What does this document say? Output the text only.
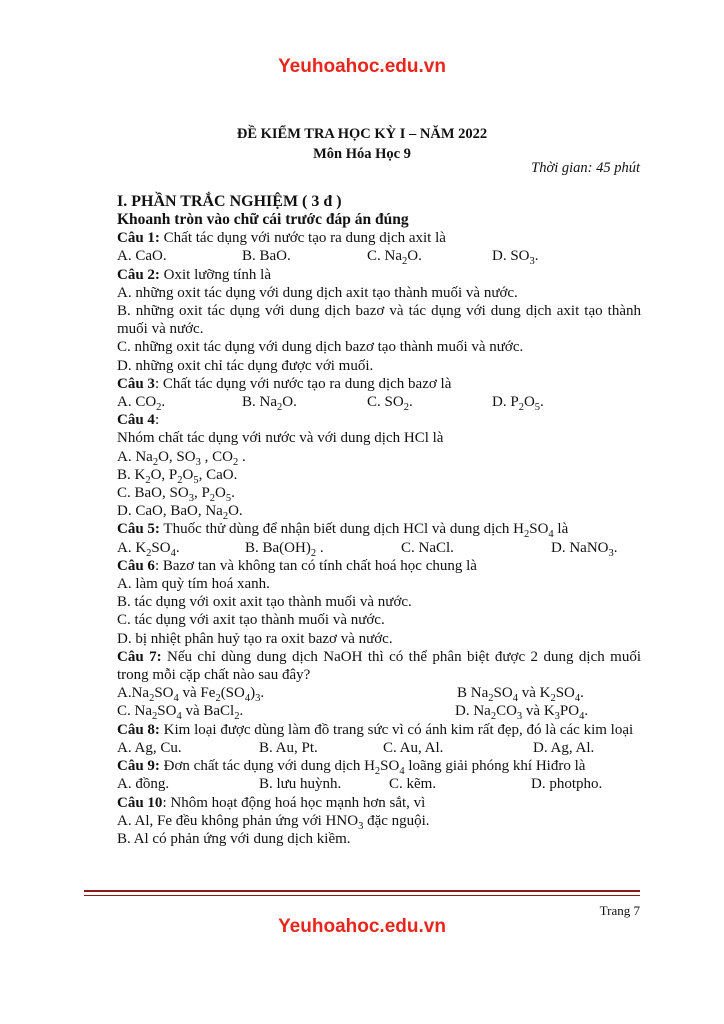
Yeuhoahoc.edu.vn
ĐỀ KIỂM TRA HỌC KỲ I – NĂM 2022
Môn Hóa Học 9
Thời gian: 45 phút
I. PHẦN TRẮC NGHIỆM ( 3 đ )
Khoanh tròn vào chữ cái trước đáp án đúng
Câu 1: Chất tác dụng với nước tạo ra dung dịch axit là
A. CaO.	B. BaO.	C. $Na_2O$.	D. $SO_3$.
Câu 2: Oxit lưỡng tính là
A. những oxit tác dụng với dung dịch axit tạo thành muối và nước.
B. những oxit tác dụng với dung dịch bazơ và tác dụng với dung dịch axit tạo thành muối và nước.
C. những oxit tác dụng với dung dịch bazơ tạo thành muối và nước.
D. những oxit chỉ tác dụng được với muối.
Câu 3: Chất tác dụng với nước tạo ra dung dịch bazơ là
A. $CO_2$.	B. $Na_2O$.	C. $SO_2$.	D. $P_2O_5$.
Câu 4:
Nhóm chất tác dụng với nước và với dung dịch HCl là
A. $Na_2O$, $SO_3$ , $CO_2$ .
B. $K_2O$, $P_2O_5$, CaO.
C. BaO, $SO_3$, $P_2O_5$.
D. CaO, BaO, $Na_2O$.
Câu 5: Thuốc thử dùng để nhận biết dung dịch HCl và dung dịch $H_2SO_4$ là
A. $K_2SO_4$.	B. $Ba(OH)_2$ .	C. NaCl.	D. NaNO$_3$.
Câu 6: Bazơ tan và không tan có tính chất hoá học chung là
A. làm quỳ tím hoá xanh.
B. tác dụng với oxit axit tạo thành muối và nước.
C. tác dụng với axit tạo thành muối và nước.
D. bị nhiệt phân huỷ tạo ra oxit bazơ và nước.
Câu 7: Nếu chỉ dùng dung dịch NaOH thì có thể phân biệt được 2 dung dịch muối trong mỗi cặp chất nào sau đây?
$A.Na_2SO_4$ và $Fe_2(SO_4)_3$.	B $Na_2SO_4$ và $K_2SO_4$.
C. $Na_2SO_4$ và BaCl$_2$.	D. $Na_2CO_3$ và $K_3PO_4$.
Câu 8: Kim loại được dùng làm đồ trang sức vì có ánh kim rất đẹp, đó là các kim loại
A. Ag, Cu.	B. Au, Pt.	C. Au, Al.	D. Ag, Al.
Câu 9: Đơn chất tác dụng với dung dịch $H_2SO_4$ loãng giải phóng khí Hiđro là
A. đồng.	B. lưu huỳnh.	C. kẽm.	D. photpho.
Câu 10: Nhôm hoạt động hoá học mạnh hơn sắt, vì
A. Al, Fe đều không phản ứng với $HNO_3$ đặc nguội.
B. Al có phản ứng với dung dịch kiềm.
Trang 7
Yeuhoahoc.edu.vn
